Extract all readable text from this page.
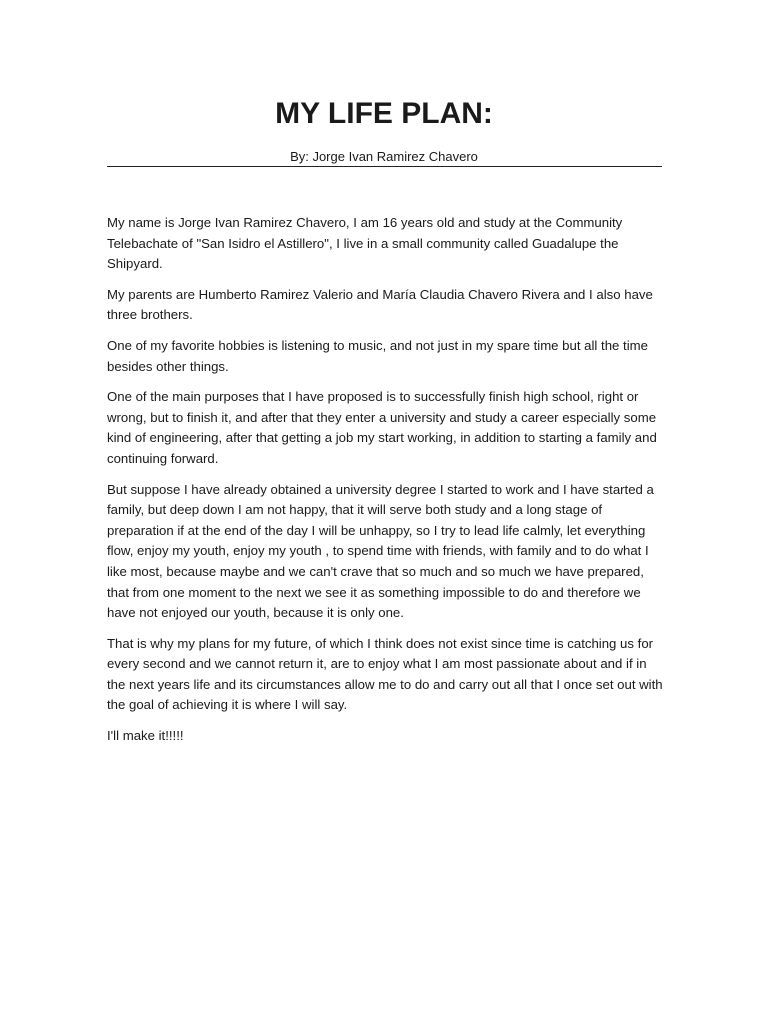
MY LIFE PLAN:
By: Jorge Ivan Ramirez Chavero

My name is Jorge Ivan Ramirez Chavero, I am 16 years old and study at the Community Telebachate of "San Isidro el Astillero", I live in a small community called Guadalupe the Shipyard.

My parents are Humberto Ramirez Valerio and María Claudia Chavero Rivera and I also have three brothers.

One of my favorite hobbies is listening to music, and not just in my spare time but all the time besides other things.

One of the main purposes that I have proposed is to successfully finish high school, right or wrong, but to finish it, and after that they enter a university and study a career especially some kind of engineering, after that getting a job my start working, in addition to starting a family and continuing forward.

But suppose I have already obtained a university degree I started to work and I have started a family, but deep down I am not happy, that it will serve both study and a long stage of preparation if at the end of the day I will be unhappy, so I try to lead life calmly, let everything flow, enjoy my youth, enjoy my youth , to spend time with friends, with family and to do what I like most, because maybe and we can't crave that so much and so much we have prepared, that from one moment to the next we see it as something impossible to do and therefore we have not enjoyed our youth, because it is only one.

That is why my plans for my future, of which I think does not exist since time is catching us for every second and we cannot return it, are to enjoy what I am most passionate about and if in the next years life and its circumstances allow me to do and carry out all that I once set out with the goal of achieving it is where I will say.

I'll make it!!!!!
